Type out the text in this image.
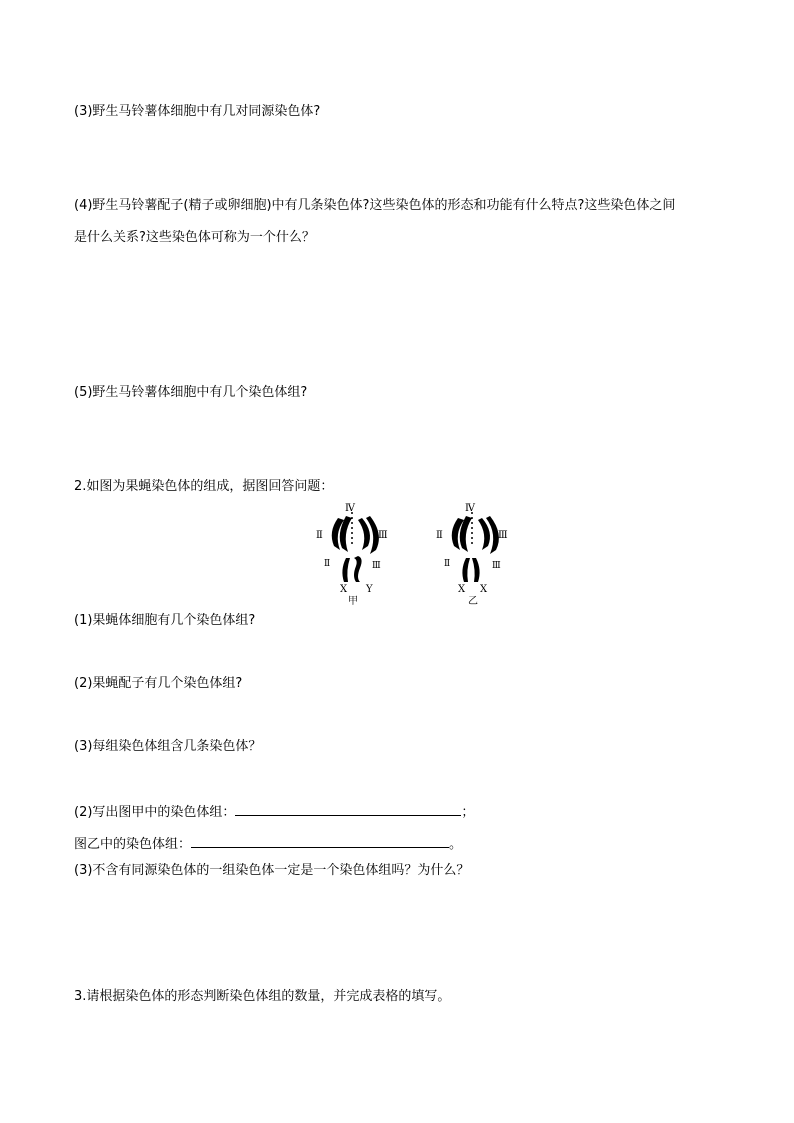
(3)野生马铃薯体细胞中有几对同源染色体?
(4)野生马铃薯配子(精子或卵细胞)中有几条染色体?这些染色体的形态和功能有什么特点?这些染色体之间
是什么关系?这些染色体可称为一个什么？
(5)野生马铃薯体细胞中有几个染色体组?
2.如图为果蝇染色体的组成，据图回答问题：
Ⅳ
Ⅱ	Ⅲ
Ⅱ	Ⅲ
X Y
甲
Ⅳ
Ⅱ	Ⅲ
Ⅱ	Ⅲ
X X
乙
(1)果蝇体细胞有几个染色体组?
(2)果蝇配子有几个染色体组?
(3)每组染色体组含几条染色体？
(2)写出图甲中的染色体组：	；
图乙中的染色体组：	。
(3)不含有同源染色体的一组染色体一定是一个染色体组吗？为什么？
3.请根据染色体的形态判断染色体组的数量，并完成表格的填写。
